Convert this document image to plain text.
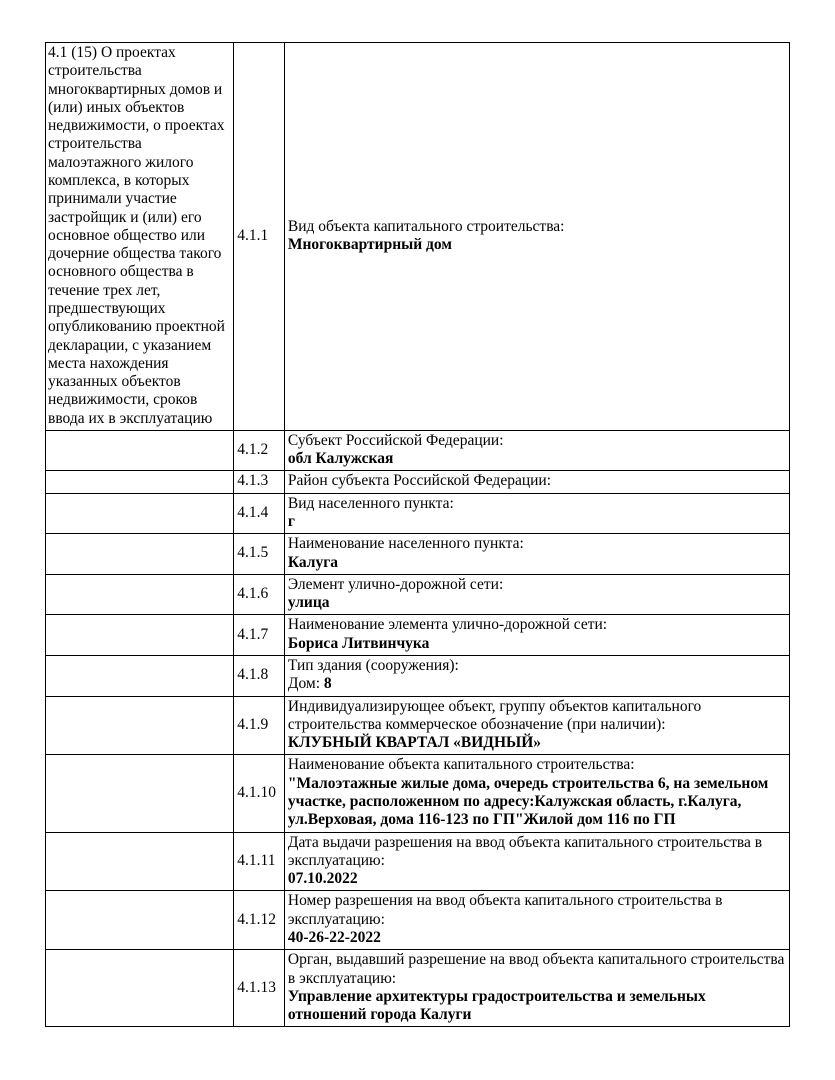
4.1 (15) О проектах строительства многоквартирных домов и (или) иных объектов недвижимости, о проектах строительства малоэтажного жилого комплекса, в которых принимали участие застройщик и (или) его основное общество или дочерние общества такого основного общества в течение трех лет, предшествующих опубликованию проектной декларации, с указанием места нахождения указанных объектов недвижимости, сроков ввода их в эксплуатацию	4.1.1	Вид объекта капитального строительства:
Многоквартирный дом

	4.1.2	Субъект Российской Федерации:
обл Калужская

	4.1.3	Район субъекта Российской Федерации:

	4.1.4	Вид населенного пункта:
г

	4.1.5	Наименование населенного пункта:
Калуга

	4.1.6	Элемент улично-дорожной сети:
улица

	4.1.7	Наименование элемента улично-дорожной сети:
Бориса Литвинчука

	4.1.8	Тип здания (сооружения):
Дом: 8

	4.1.9	Индивидуализирующее объект, группу объектов капитального строительства коммерческое обозначение (при наличии):
КЛУБНЫЙ КВАРТАЛ «ВИДНЫЙ»

	4.1.10	Наименование объекта капитального строительства:
"Малоэтажные жилые дома, очередь строительства 6, на земельном участке, расположенном по адресу:Калужская область, г.Калуга, ул.Верховая, дома 116-123 по ГП"Жилой дом 116 по ГП

	4.1.11	Дата выдачи разрешения на ввод объекта капитального строительства в эксплуатацию:
07.10.2022

	4.1.12	Номер разрешения на ввод объекта капитального строительства в эксплуатацию:
40-26-22-2022

	4.1.13	Орган, выдавший разрешение на ввод объекта капитального строительства в эксплуатацию:
Управление архитектуры градостроительства и земельных отношений города Калуги
